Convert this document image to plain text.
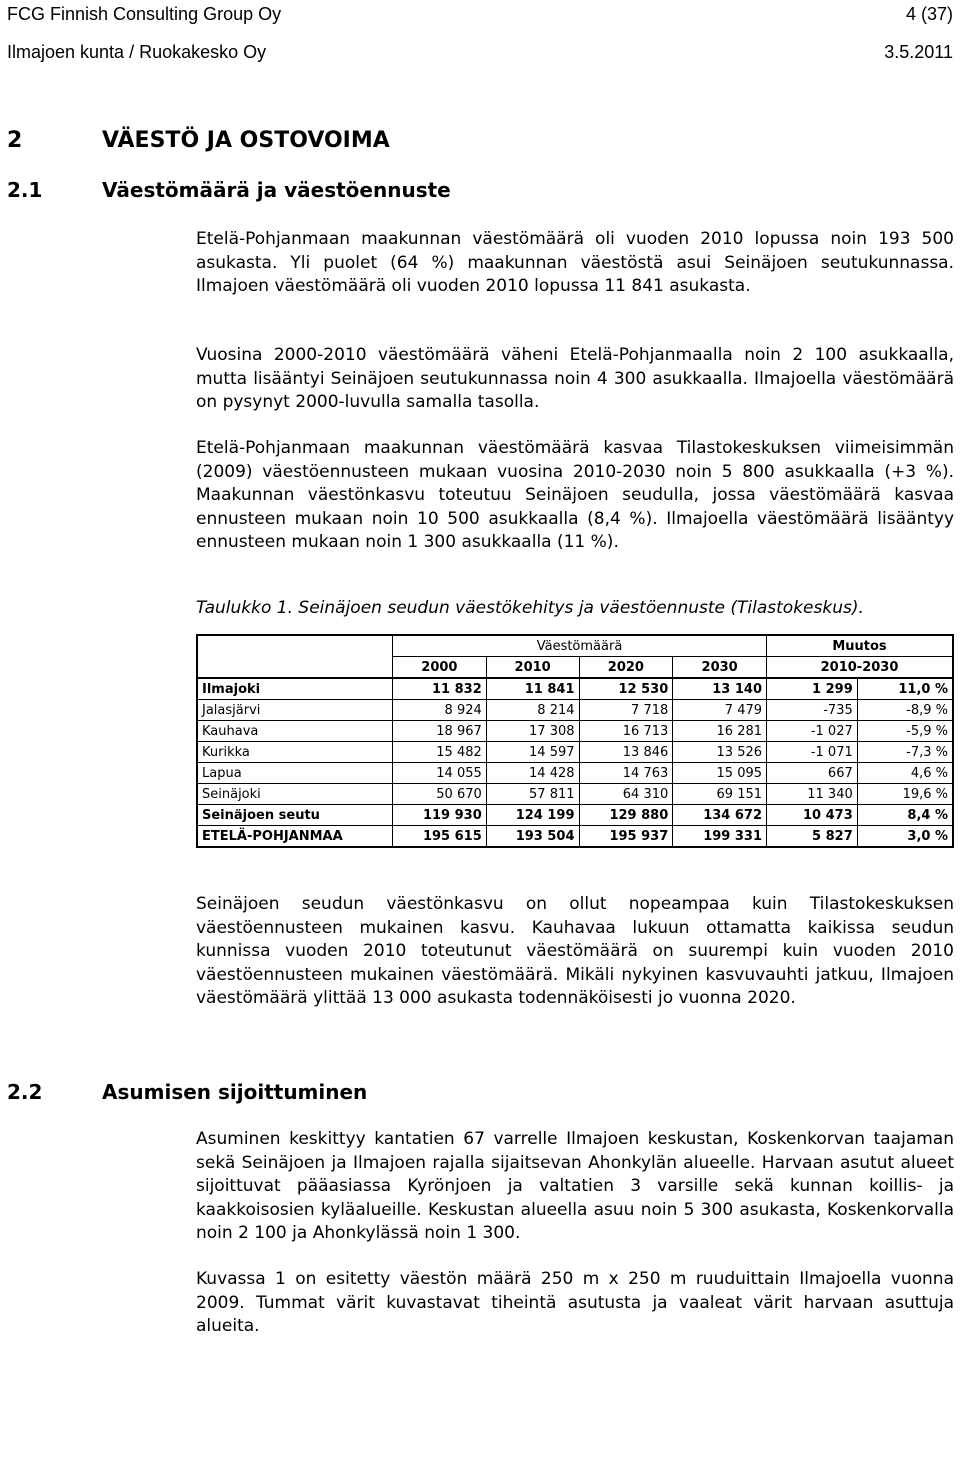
FCG Finnish Consulting Group Oy	4 (37)
Ilmajoen kunta / Ruokakesko Oy	3.5.2011
2	VÄESTÖ JA OSTOVOIMA
2.1	Väestömäärä ja väestöennuste

Etelä-Pohjanmaan maakunnan väestömäärä oli vuoden 2010 lopussa noin 193 500 asukasta. Yli puolet (64 %) maakunnan väestöstä asui Seinäjoen seutukunnassa. Ilmajoen väestömäärä oli vuoden 2010 lopussa 11 841 asukasta.

Vuosina 2000-2010 väestömäärä väheni Etelä-Pohjanmaalla noin 2 100 asukkaalla, mutta lisääntyi Seinäjoen seutukunnassa noin 4 300 asukkaalla. Ilmajoella väestömäärä on pysynyt 2000-luvulla samalla tasolla.

Etelä-Pohjanmaan maakunnan väestömäärä kasvaa Tilastokeskuksen viimeisimmän (2009) väestöennusteen mukaan vuosina 2010-2030 noin 5 800 asukkaalla (+3 %). Maakunnan väestönkasvu toteutuu Seinäjoen seudulla, jossa väestömäärä kasvaa ennusteen mukaan noin 10 500 asukkaalla (8,4 %). Ilmajoella väestömäärä lisääntyy ennusteen mukaan noin 1 300 asukkaalla (11 %).

Taulukko 1. Seinäjoen seudun väestökehitys ja väestöennuste (Tilastokeskus).
	Väestömäärä				Muutos	
	2000	2010	2020	2030	2010-2030	
Ilmajoki	11 832	11 841	12 530	13 140	1 299	11,0 %
Jalasjärvi	8 924	8 214	7 718	7 479	-735	-8,9 %
Kauhava	18 967	17 308	16 713	16 281	-1 027	-5,9 %
Kurikka	15 482	14 597	13 846	13 526	-1 071	-7,3 %
Lapua	14 055	14 428	14 763	15 095	667	4,6 %
Seinäjoki	50 670	57 811	64 310	69 151	11 340	19,6 %
Seinäjoen seutu	119 930	124 199	129 880	134 672	10 473	8,4 %
ETELÄ-POHJANMAA	195 615	193 504	195 937	199 331	5 827	3,0 %

Seinäjoen seudun väestönkasvu on ollut nopeampaa kuin Tilastokeskuksen väestöennusteen mukainen kasvu. Kauhavaa lukuun ottamatta kaikissa seudun kunnissa vuoden 2010 toteutunut väestömäärä on suurempi kuin vuoden 2010 väestöennusteen mukainen väestömäärä. Mikäli nykyinen kasvuvauhti jatkuu, Ilmajoen väestömäärä ylittää 13 000 asukasta todennäköisesti jo vuonna 2020.

2.2	Asumisen sijoittuminen

Asuminen keskittyy kantatien 67 varrelle Ilmajoen keskustan, Koskenkorvan taajaman sekä Seinäjoen ja Ilmajoen rajalla sijaitsevan Ahonkylän alueelle. Harvaan asutut alueet sijoittuvat pääasiassa Kyrönjoen ja valtatien 3 varsille sekä kunnan koillis- ja kaakkoisosien kyläalueille. Keskustan alueella asuu noin 5 300 asukasta, Koskenkorvalla noin 2 100 ja Ahonkylässä noin 1 300.

Kuvassa 1 on esitetty väestön määrä 250 m x 250 m ruuduittain Ilmajoella vuonna 2009. Tummat värit kuvastavat tiheintä asutusta ja vaaleat värit harvaan asuttuja alueita.
